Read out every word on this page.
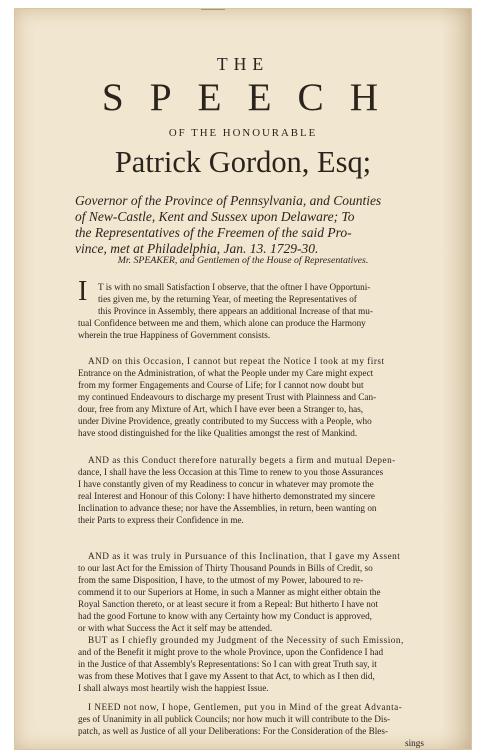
THE
SPEECH
OF THE HONOURABLE
Patrick Gordon, Esq;
Governor of the Province of Pennsylvania, and Counties
of New-Castle, Kent and Sussex upon Delaware; To
the Representatives of the Freemen of the said Pro-
vince, met at Philadelphia, Jan. 13. 1729-30.
Mr. SPEAKER, and Gentlemen of the House of Representatives.
I T is with no small Satisfaction I observe, that the oftner I have Opportuni-
ties given me, by the returning Year, of meeting the Representatives of
this Province in Assembly, there appears an additional Increase of that mu-
tual Confidence between me and them, which alone can produce the Harmony
wherein the true Happiness of Government consists.
AND on this Occasion, I cannot but repeat the Notice I took at my first
Entrance on the Administration, of what the People under my Care might expect
from my former Engagements and Course of Life; for I cannot now doubt but
my continued Endeavours to discharge my present Trust with Plainness and Can-
dour, free from any Mixture of Art, which I have ever been a Stranger to, has,
under Divine Providence, greatly contributed to my Success with a People, who
have stood distinguished for the like Qualities amongst the rest of Mankind.
AND as this Conduct therefore naturally begets a firm and mutual Depen-
dance, I shall have the less Occasion at this Time to renew to you those Assurances
I have constantly given of my Readiness to concur in whatever may promote the
real Interest and Honour of this Colony: I have hitherto demonstrated my sincere
Inclination to advance these; nor have the Assemblies, in return, been wanting on
their Parts to express their Confidence in me.
AND as it was truly in Pursuance of this Inclination, that I gave my Assent
to our last Act for the Emission of Thirty Thousand Pounds in Bills of Credit, so
from the same Disposition, I have, to the utmost of my Power, laboured to re-
commend it to our Superiors at Home, in such a Manner as might either obtain the
Royal Sanction thereto, or at least secure it from a Repeal: But hitherto I have not
had the good Fortune to know with any Certainty how my Conduct is approved,
or with what Success the Act it self may be attended.
BUT as I chiefly grounded my Judgment of the Necessity of such Emission,
and of the Benefit it might prove to the whole Province, upon the Confidence I had
in the Justice of that Assembly's Representations: So I can with great Truth say, it
was from these Motives that I gave my Assent to that Act, to which as I then did,
I shall always most heartily wish the happiest Issue.
I NEED not now, I hope, Gentlemen, put you in Mind of the great Advanta-
ges of Unanimity in all publick Councils; nor how much it will contribute to the Dis-
patch, as well as Justice of all your Deliberations: For the Consideration of the Bles-
sings
